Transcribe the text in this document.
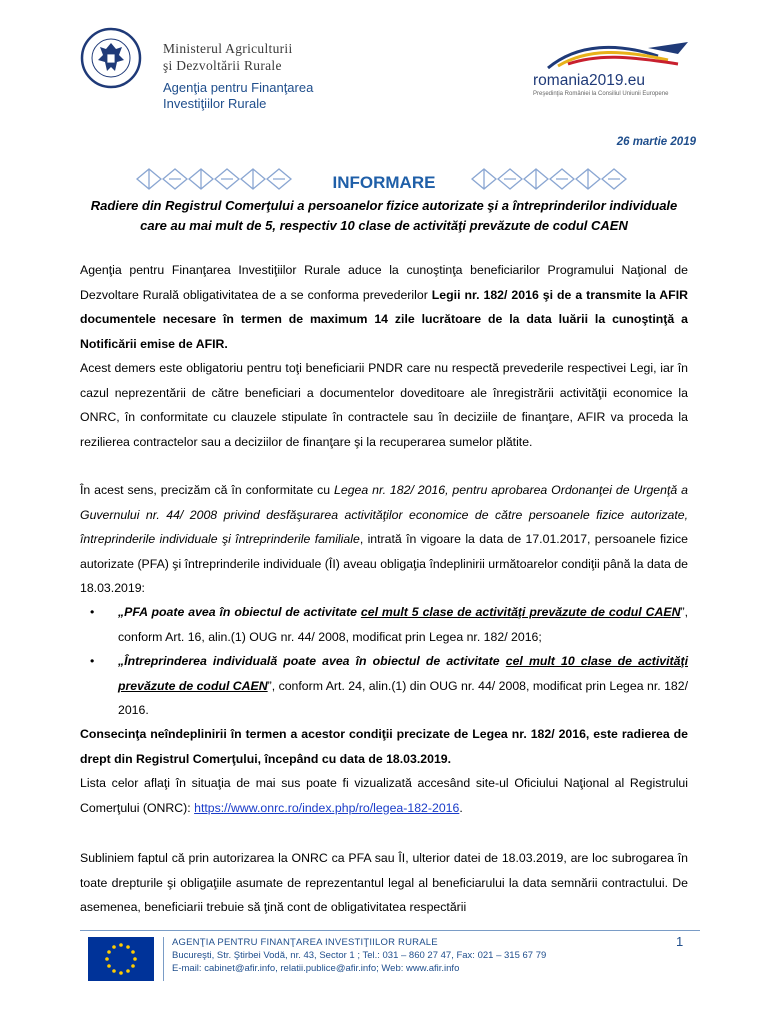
Ministerul Agriculturii
şi Dezvoltării Rurale
Agenţia pentru Finanţarea
Investiţiilor Rurale
romania2019.eu
Preşedinţia României la Consiliul Uniunii Europene
26 martie 2019
INFORMARE
Radiere din Registrul Comerţului a persoanelor fizice autorizate şi a întreprinderilor individuale care au mai mult de 5, respectiv 10 clase de activităţi prevăzute de codul CAEN
Agenţia pentru Finanţarea Investiţiilor Rurale aduce la cunoştinţa beneficiarilor Programului Naţional de Dezvoltare Rurală obligativitatea de a se conforma prevederilor Legii nr. 182/ 2016 şi de a transmite la AFIR documentele necesare în termen de maximum 14 zile lucrătoare de la data luării la cunoştinţă a Notificării emise de AFIR.
Acest demers este obligatoriu pentru toţi beneficiarii PNDR care nu respectă prevederile respectivei Legi, iar în cazul neprezentării de către beneficiari a documentelor doveditoare ale înregistrării activităţii economice la ONRC, în conformitate cu clauzele stipulate în contractele sau în deciziile de finanţare, AFIR va proceda la rezilierea contractelor sau a deciziilor de finanţare şi la recuperarea sumelor plătite.
În acest sens, precizăm că în conformitate cu Legea nr. 182/ 2016, pentru aprobarea Ordonanţei de Urgenţă a Guvernului nr. 44/ 2008 privind desfăşurarea activităţilor economice de către persoanele fizice autorizate, întreprinderile individuale şi întreprinderile familiale, intrată în vigoare la data de 17.01.2017, persoanele fizice autorizate (PFA) şi întreprinderile individuale (ÎI) aveau obligaţia îndeplinirii următoarelor condiţii până la data de 18.03.2019:
• „PFA poate avea în obiectul de activitate cel mult 5 clase de activităţi prevăzute de codul CAEN”, conform Art. 16, alin.(1) OUG nr. 44/ 2008, modificat prin Legea nr. 182/ 2016;
• „Întreprinderea individuală poate avea în obiectul de activitate cel mult 10 clase de activităţi prevăzute de codul CAEN”, conform Art. 24, alin.(1) din OUG nr. 44/ 2008, modificat prin Legea nr. 182/ 2016.
Consecinţa neîndeplinirii în termen a acestor condiţii precizate de Legea nr. 182/ 2016, este radierea de drept din Registrul Comerţului, începând cu data de 18.03.2019.
Lista celor aflaţi în situaţia de mai sus poate fi vizualizată accesând site-ul Oficiului Naţional al Registrului Comerţului (ONRC): https://www.onrc.ro/index.php/ro/legea-182-2016.
Subliniem faptul că prin autorizarea la ONRC ca PFA sau ÎI, ulterior datei de 18.03.2019, are loc subrogarea în toate drepturile şi obligaţiile asumate de reprezentantul legal al beneficiarului la data semnării contractului. De asemenea, beneficiarii trebuie să ţină cont de obligativitatea respectării
AGENŢIA PENTRU FINANŢAREA INVESTIŢIILOR RURALE
Bucureşti, Str. Ştirbei Vodă, nr. 43, Sector 1 ; Tel.: 031 – 860 27 47, Fax: 021 – 315 67 79
E-mail: cabinet@afir.info, relatii.publice@afir.info; Web: www.afir.info
1
